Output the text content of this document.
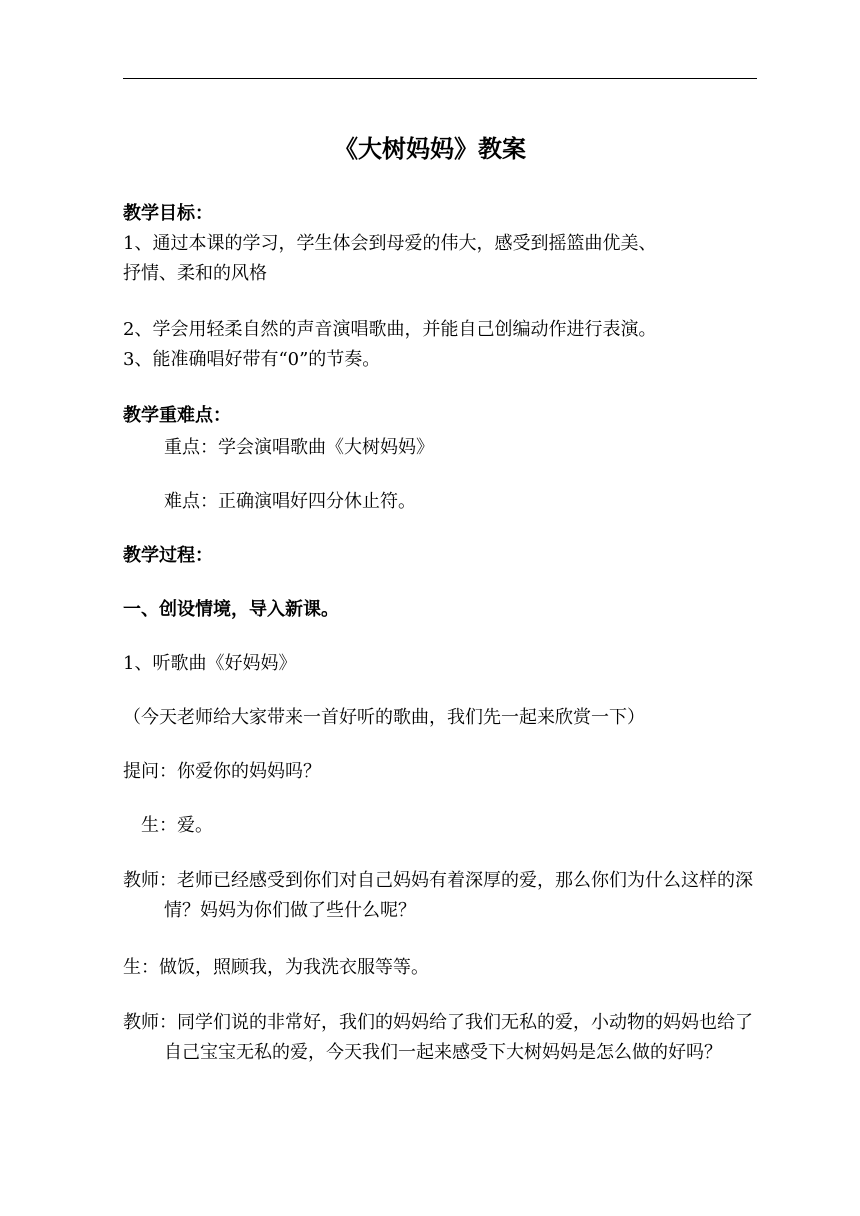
《大树妈妈》教案
教学目标：
1、通过本课的学习，学生体会到母爱的伟大，感受到摇篮曲优美、
抒情、柔和的风格
2、学会用轻柔自然的声音演唱歌曲，并能自己创编动作进行表演。
3、能准确唱好带有“0”的节奏。
教学重难点：
重点：学会演唱歌曲《大树妈妈》
难点：正确演唱好四分休止符。
教学过程：
一、创设情境，导入新课。
1、听歌曲《好妈妈》
（今天老师给大家带来一首好听的歌曲，我们先一起来欣赏一下）
提问：你爱你的妈妈吗？
生：爱。
教师：老师已经感受到你们对自己妈妈有着深厚的爱，那么你们为什么这样的深情？妈妈为你们做了些什么呢？
生：做饭，照顾我，为我洗衣服等等。
教师：同学们说的非常好，我们的妈妈给了我们无私的爱，小动物的妈妈也给了自己宝宝无私的爱，今天我们一起来感受下大树妈妈是怎么做的好吗？
